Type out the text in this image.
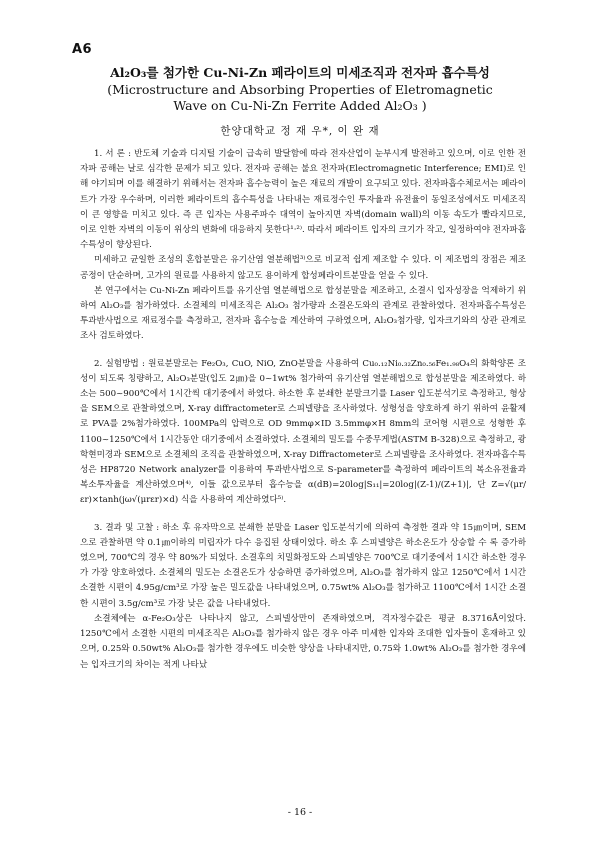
A6
Al₂O₃를 첨가한 Cu-Ni-Zn 페라이트의 미세조직과 전자파 흡수특성
(Microstructure and Absorbing Properties of Eletromagnetic
Wave on Cu-Ni-Zn Ferrite Added Al₂O₃ )
한양대학교 정 재 우*, 이 완 재

1. 서 론 : 반도체 기술과 디지털 기술이 급속히 발달함에 따라 전자산업이 눈부시게 발전하고 있으며, 이로 인한 전자파 공해는 날로 심각한 문제가 되고 있다. 전자파 공해는 불요 전자파(Electromagnetic Interference; EMI)로 인해 야기되며 이를 해결하기 위해서는 전자파 흡수능력이 높은 재료의 개발이 요구되고 있다. 전자파흡수체로서는 페라이트가 가장 우수하며, 이러한 페라이트의 흡수특성을 나타내는 재료정수인 투자율과 유전율이 동일조성에서도 미세조직이 큰 영향을 미치고 있다. 즉 큰 입자는 사용주파수 대역이 높아지면 자벽(domain wall)의 이동 속도가 빨라지므로, 이로 인한 자벽의 이동이 위상의 변화에 대응하지 못한다¹·²⁾. 따라서 페라이트 입자의 크기가 작고, 일정하여야 전자파흡수특성이 향상된다.

미세하고 균일한 조성의 혼합분말은 유기산염 열분해법³⁾으로 비교적 쉽게 제조할 수 있다. 이 제조법의 장점은 제조공정이 단순하며, 고가의 원료를 사용하지 않고도 용이하게 합성페라이트분말을 얻을 수 있다.

본 연구에서는 Cu-Ni-Zn 페라이트를 유기산염 열분해법으로 합성분말을 제조하고, 소결시 입자성장을 억제하기 위하여 Al₂O₃를 첨가하였다. 소결체의 미세조직은 Al₂O₃ 첨가량과 소결온도와의 관계로 관찰하였다. 전자파흡수특성은 투과반사법으로 재료정수를 측정하고, 전자파 흡수능을 계산하여 구하였으며, Al₂O₃첨가량, 입자크기와의 상관 관계로 조사 검토하였다.

2. 실험방법 : 원료분말로는 Fe₂O₃, CuO, NiO, ZnO분말을 사용하여 Cu₀.₁₂Ni₀.₃₂Zn₀.₅₆Fe₁.₉₈O₄의 화학양론 조성이 되도록 칭량하고, Al₂O₃분말(입도 2㎛)을 0~1wt% 첨가하여 유기산염 열분해법으로 합성분말을 제조하였다. 하소는 500~900℃에서 1시간씩 대기중에서 하였다. 하소한 후 분쇄한 분말크기를 Laser 입도분석기로 측정하고, 형상을 SEM으로 관찰하였으며, X-ray diffractometer로 스피넬량을 조사하였다. 성형성을 양호하게 하기 위하여 윤활제로 PVA를 2%첨가하였다. 100MPa의 압력으로 OD 9mmφ×ID 3.5mmφ×H 8mm의 코어형 시편으로 성형한 후 1100~1250℃에서 1시간동안 대기중에서 소결하였다. 소결체의 밀도를 수중무게법(ASTM B-328)으로 측정하고, 광학현미경과 SEM으로 소결체의 조직을 관찰하였으며, X-ray Diffractometer로 스피넬량을 조사하였다. 전자파흡수특성은 HP8720 Network analyzer를 이용하여 투과반사법으로 S-parameter를 측정하여 페라이트의 복소유전율과 복소투자율을 계산하였으며⁴⁾, 이들 값으로부터 흡수능을 α(dB)=20log|S₁₁|=20log|(Z-1)/(Z+1)|, 단 Z=√(μr/εr)×tanh(jω√(μrεr)×d) 식을 사용하여 계산하였다⁵⁾.

3. 결과 및 고찰 : 하소 후 유자막으로 분쇄한 분말을 Laser 입도분석기에 의하여 측정한 결과 약 15㎛이며, SEM으로 관찰하면 약 0.1㎛이하의 미립자가 다수 응집된 상태이었다. 하소 후 스피넬양은 하소온도가 상승할 수 록 증가하였으며, 700℃의 경우 약 80%가 되었다. 소결후의 치밀화정도와 스피넬양은 700℃로 대기중에서 1시간 하소한 경우가 가장 양호하였다. 소결체의 밀도는 소결온도가 상승하면 증가하였으며, Al₂O₃를 첨가하지 않고 1250℃에서 1시간 소결한 시편이 4.95g/cm³로 가장 높은 밀도값을 나타내었으며, 0.75wt% Al₂O₃를 첨가하고 1100℃에서 1시간 소결한 시편이 3.5g/cm³로 가장 낮은 값을 나타내었다.

소결체에는 α-Fe₂O₃상은 나타나지 않고, 스피넬상만이 존재하였으며, 격자정수값은 평균 8.3716Å이었다. 1250℃에서 소결한 시편의 미세조직은 Al₂O₃를 첨가하지 않은 경우 아주 미세한 입자와 조대한 입자들이 혼재하고 있으며, 0.25와 0.50wt% Al₂O₃를 첨가한 경우에도 비슷한 양상을 나타내지만, 0.75와 1.0wt% Al₂O₃를 첨가한 경우에는 입자크기의 차이는 적게 나타났

- 16 -
